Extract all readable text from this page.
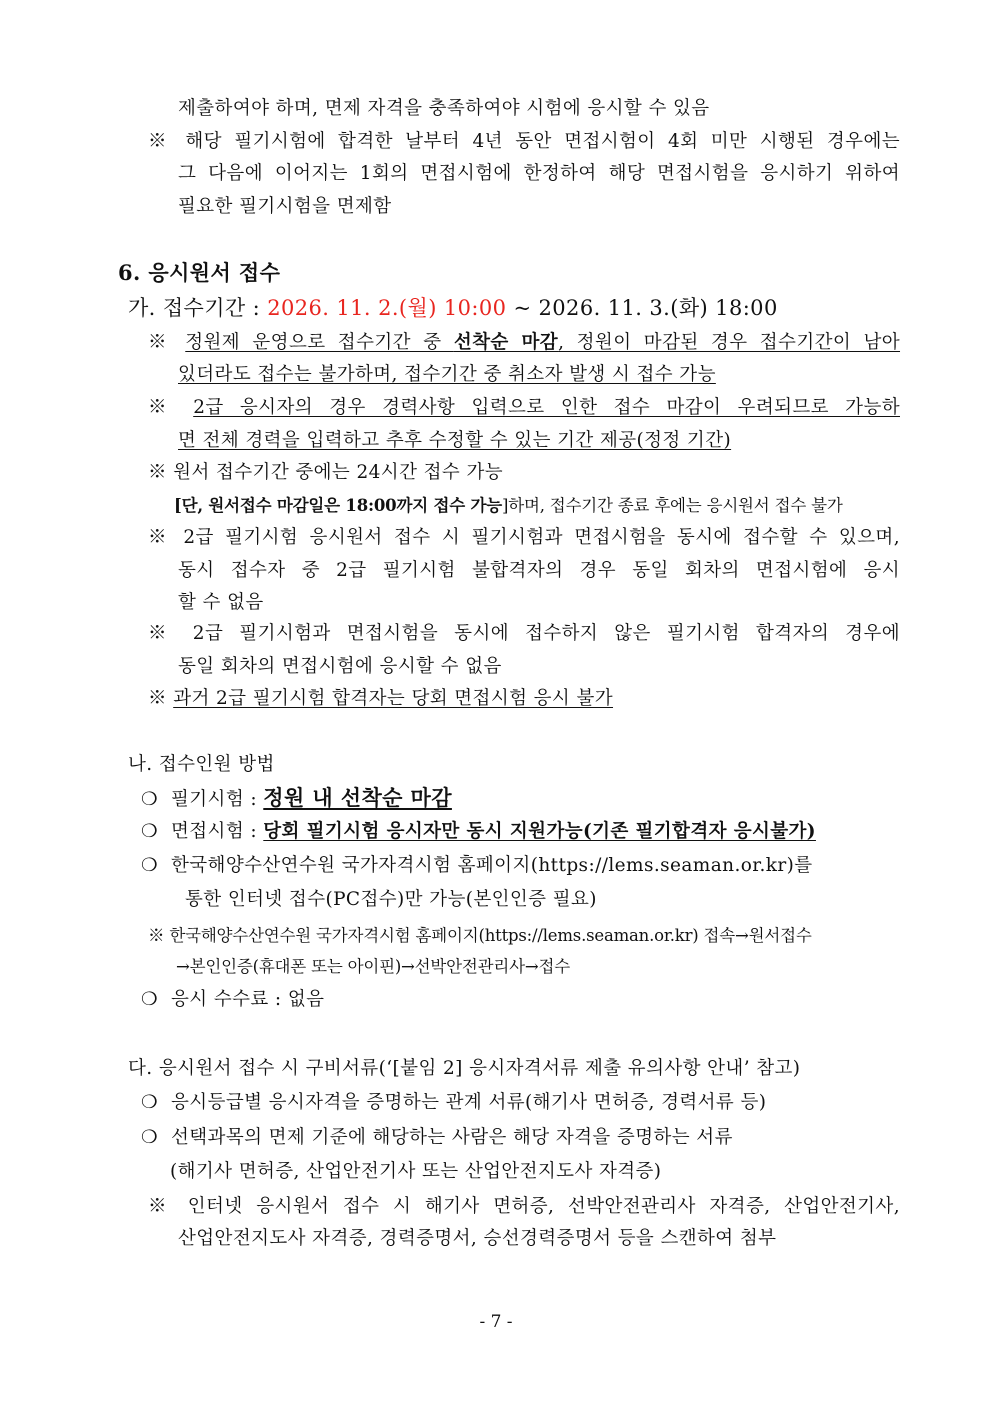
제출하여야 하며, 면제 자격을 충족하여야 시험에 응시할 수 있음
※ 해당 필기시험에 합격한 날부터 4년 동안 면접시험이 4회 미만 시행된 경우에는
그 다음에 이어지는 1회의 면접시험에 한정하여 해당 면접시험을 응시하기 위하여
필요한 필기시험을 면제함
6. 응시원서 접수
가. 접수기간 : 2026. 11. 2.(월) 10:00 ~ 2026. 11. 3.(화) 18:00
※ 정원제 운영으로 접수기간 중 선착순 마감, 정원이 마감된 경우 접수기간이 남아
있더라도 접수는 불가하며, 접수기간 중 취소자 발생 시 접수 가능
※ 2급 응시자의 경우 경력사항 입력으로 인한 접수 마감이 우려되므로 가능하
면 전체 경력을 입력하고 추후 수정할 수 있는 기간 제공(정정 기간)
※ 원서 접수기간 중에는 24시간 접수 가능
[단, 원서접수 마감일은 18:00까지 접수 가능]하며, 접수기간 종료 후에는 응시원서 접수 불가
※ 2급 필기시험 응시원서 접수 시 필기시험과 면접시험을 동시에 접수할 수 있으며,
동시 접수자 중 2급 필기시험 불합격자의 경우 동일 회차의 면접시험에 응시
할 수 없음
※ 2급 필기시험과 면접시험을 동시에 접수하지 않은 필기시험 합격자의 경우에
동일 회차의 면접시험에 응시할 수 없음
※ 과거 2급 필기시험 합격자는 당회 면접시험 응시 불가
나. 접수인원 방법
❍ 필기시험 : 정원 내 선착순 마감
❍ 면접시험 : 당회 필기시험 응시자만 동시 지원가능(기존 필기합격자 응시불가)
❍ 한국해양수산연수원 국가자격시험 홈페이지(https://lems.seaman.or.kr)를
통한 인터넷 접수(PC접수)만 가능(본인인증 필요)
※ 한국해양수산연수원 국가자격시험 홈페이지(https://lems.seaman.or.kr) 접속→원서접수
→본인인증(휴대폰 또는 아이핀)→선박안전관리사→접수
❍ 응시 수수료 : 없음
다. 응시원서 접수 시 구비서류(‘[붙임 2] 응시자격서류 제출 유의사항 안내’ 참고)
❍ 응시등급별 응시자격을 증명하는 관계 서류(해기사 면허증, 경력서류 등)
❍ 선택과목의 면제 기준에 해당하는 사람은 해당 자격을 증명하는 서류
(해기사 면허증, 산업안전기사 또는 산업안전지도사 자격증)
※ 인터넷 응시원서 접수 시 해기사 면허증, 선박안전관리사 자격증, 산업안전기사,
산업안전지도사 자격증, 경력증명서, 승선경력증명서 등을 스캔하여 첨부
- 7 -
